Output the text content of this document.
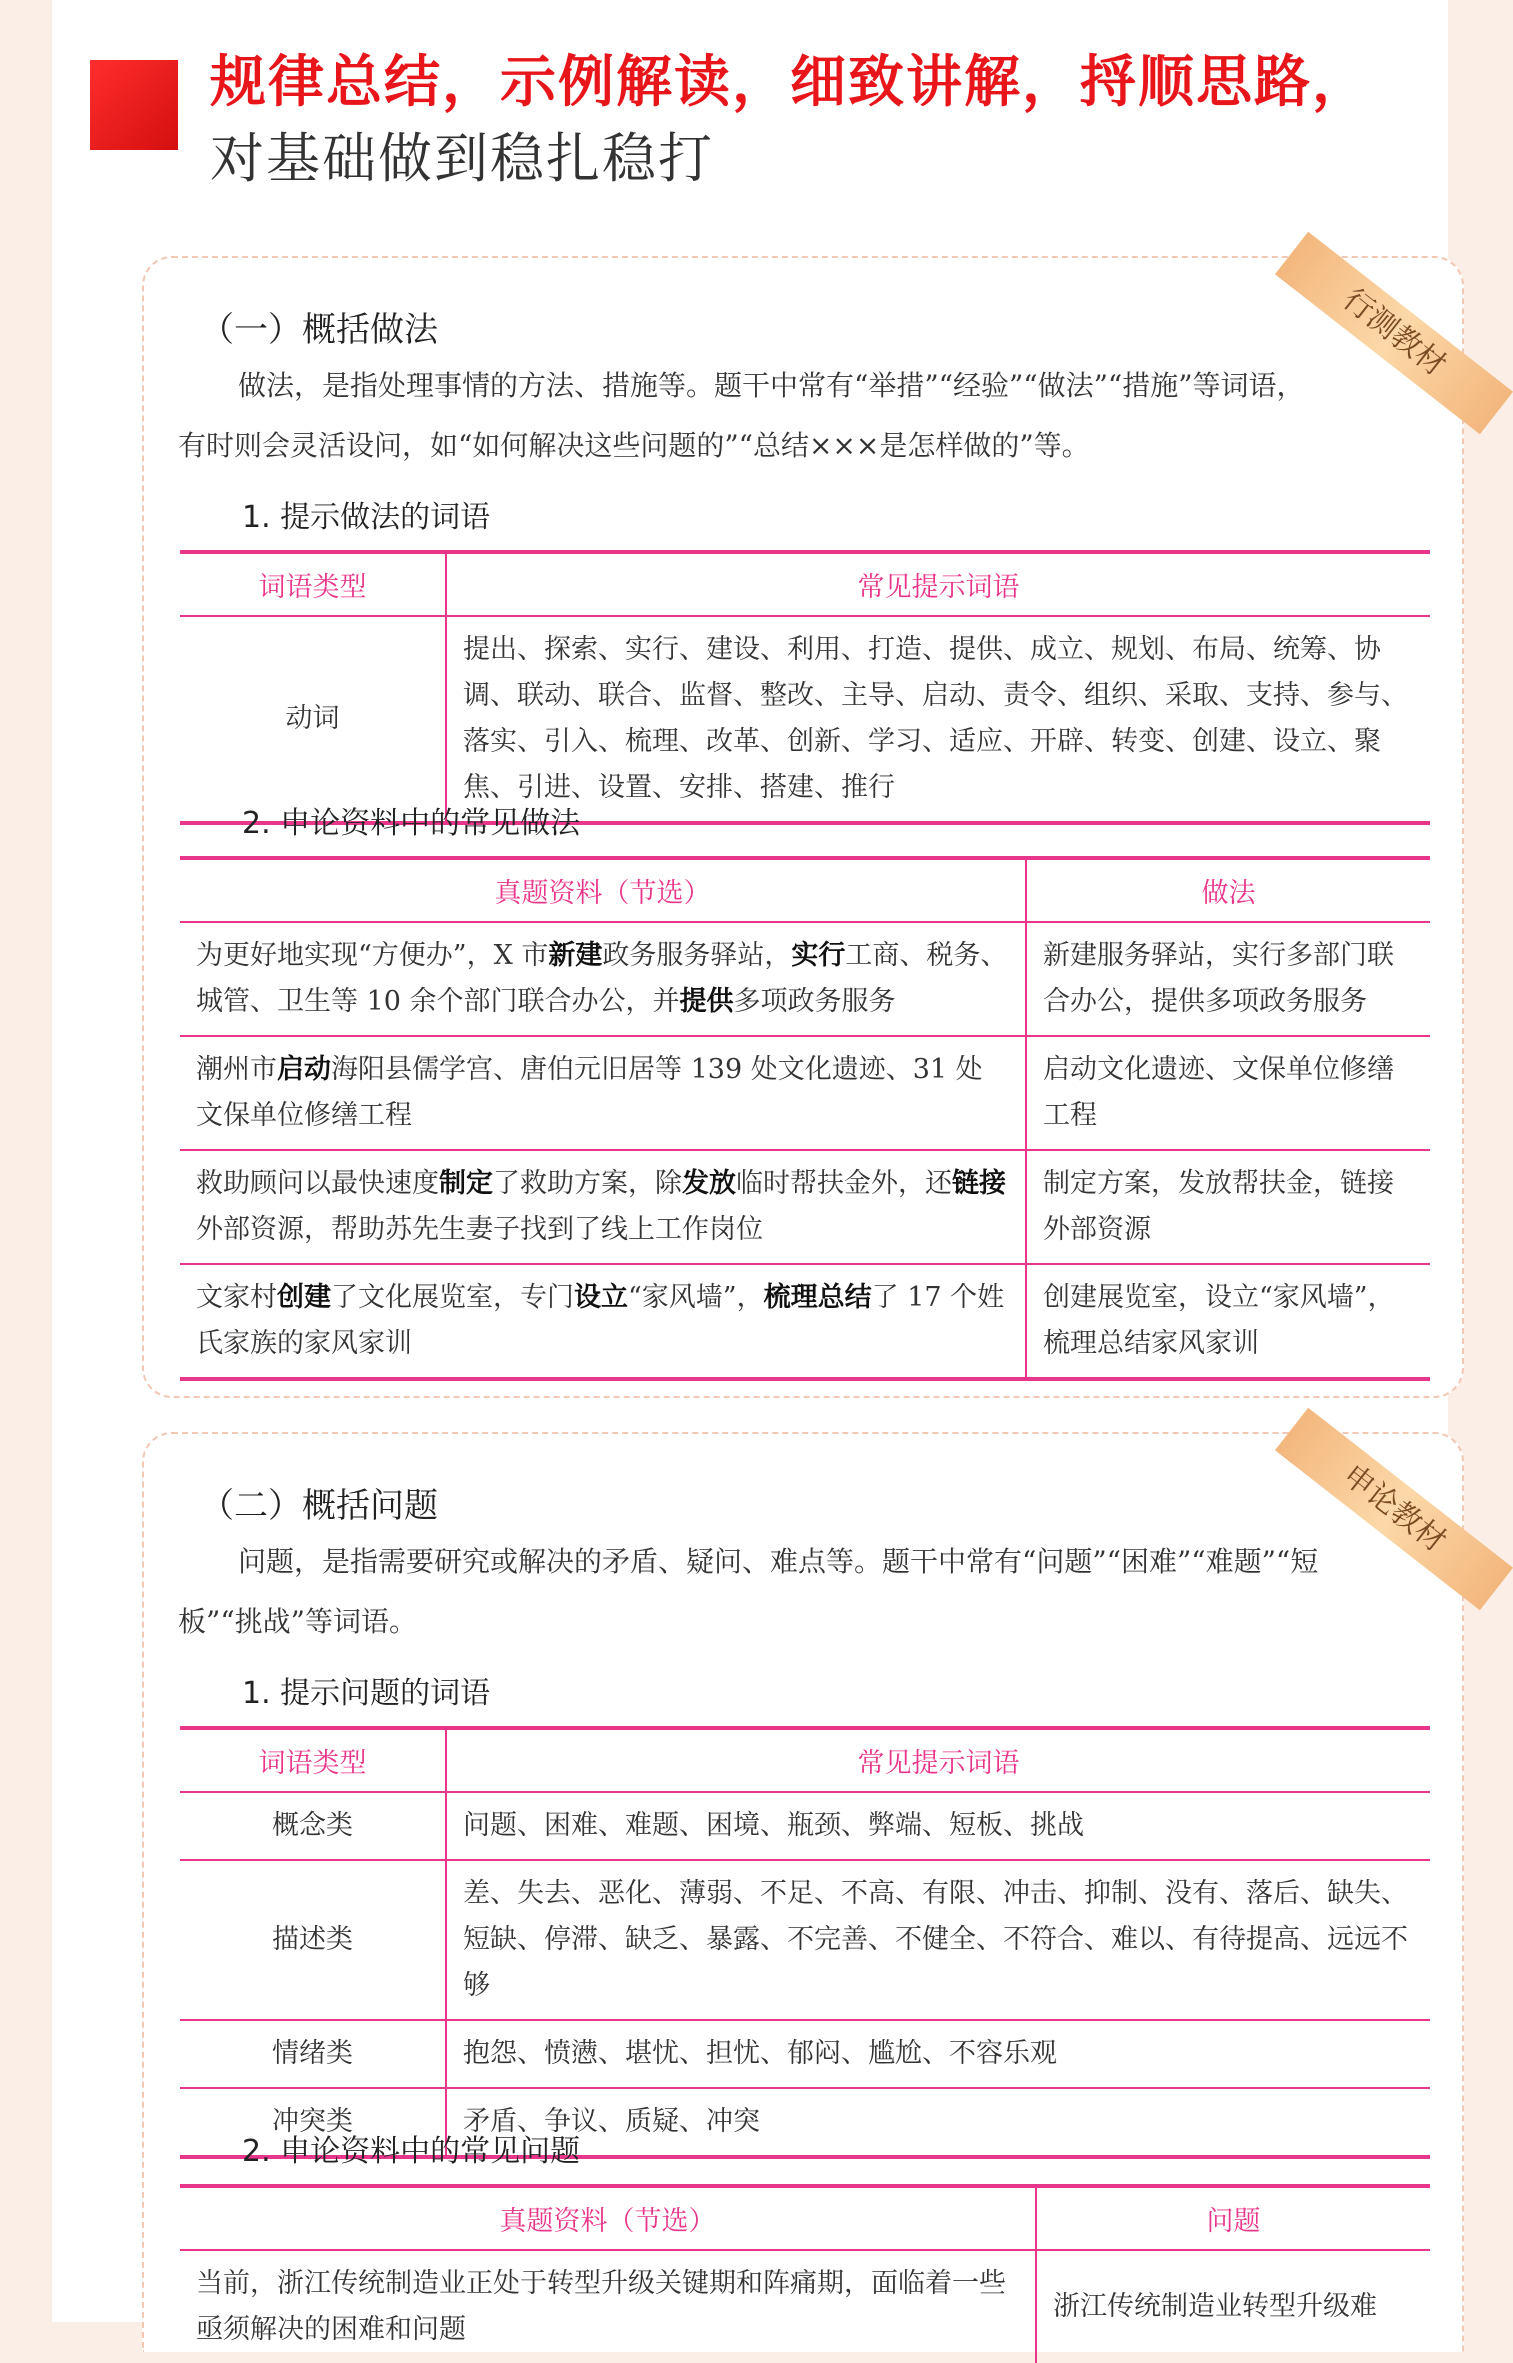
规律总结，示例解读，细致讲解，捋顺思路，
对基础做到稳扎稳打
行测教材
（一）概括做法
做法，是指处理事情的方法、措施等。题干中常有“举措”“经验”“做法”“措施”等词语，
有时则会灵活设问，如“如何解决这些问题的”“总结×××是怎样做的”等。
1. 提示做法的词语
词语类型	常见提示词语
动词	提出、探索、实行、建设、利用、打造、提供、成立、规划、布局、统筹、协调、联动、联合、监督、整改、主导、启动、责令、组织、采取、支持、参与、落实、引入、梳理、改革、创新、学习、适应、开辟、转变、创建、设立、聚焦、引进、设置、安排、搭建、推行
2. 申论资料中的常见做法
真题资料（节选）	做法
为更好地实现“方便办”，X 市新建政务服务驿站，实行工商、税务、城管、卫生等 10 余个部门联合办公，并提供多项政务服务	新建服务驿站，实行多部门联合办公，提供多项政务服务
潮州市启动海阳县儒学宫、唐伯元旧居等 139 处文化遗迹、31 处文保单位修缮工程	启动文化遗迹、文保单位修缮工程
救助顾问以最快速度制定了救助方案，除发放临时帮扶金外，还链接外部资源，帮助苏先生妻子找到了线上工作岗位	制定方案，发放帮扶金，链接外部资源
文家村创建了文化展览室，专门设立“家风墙”，梳理总结了 17 个姓氏家族的家风家训	创建展览室，设立“家风墙”，梳理总结家风家训
申论教材
（二）概括问题
问题，是指需要研究或解决的矛盾、疑问、难点等。题干中常有“问题”“困难”“难题”“短
板”“挑战”等词语。
1. 提示问题的词语
词语类型	常见提示词语
概念类	问题、困难、难题、困境、瓶颈、弊端、短板、挑战
描述类	差、失去、恶化、薄弱、不足、不高、有限、冲击、抑制、没有、落后、缺失、短缺、停滞、缺乏、暴露、不完善、不健全、不符合、难以、有待提高、远远不够
情绪类	抱怨、愤懑、堪忧、担忧、郁闷、尴尬、不容乐观
冲突类	矛盾、争议、质疑、冲突
2. 申论资料中的常见问题
真题资料（节选）	问题
当前，浙江传统制造业正处于转型升级关键期和阵痛期，面临着一些亟须解决的困难和问题	浙江传统制造业转型升级难
